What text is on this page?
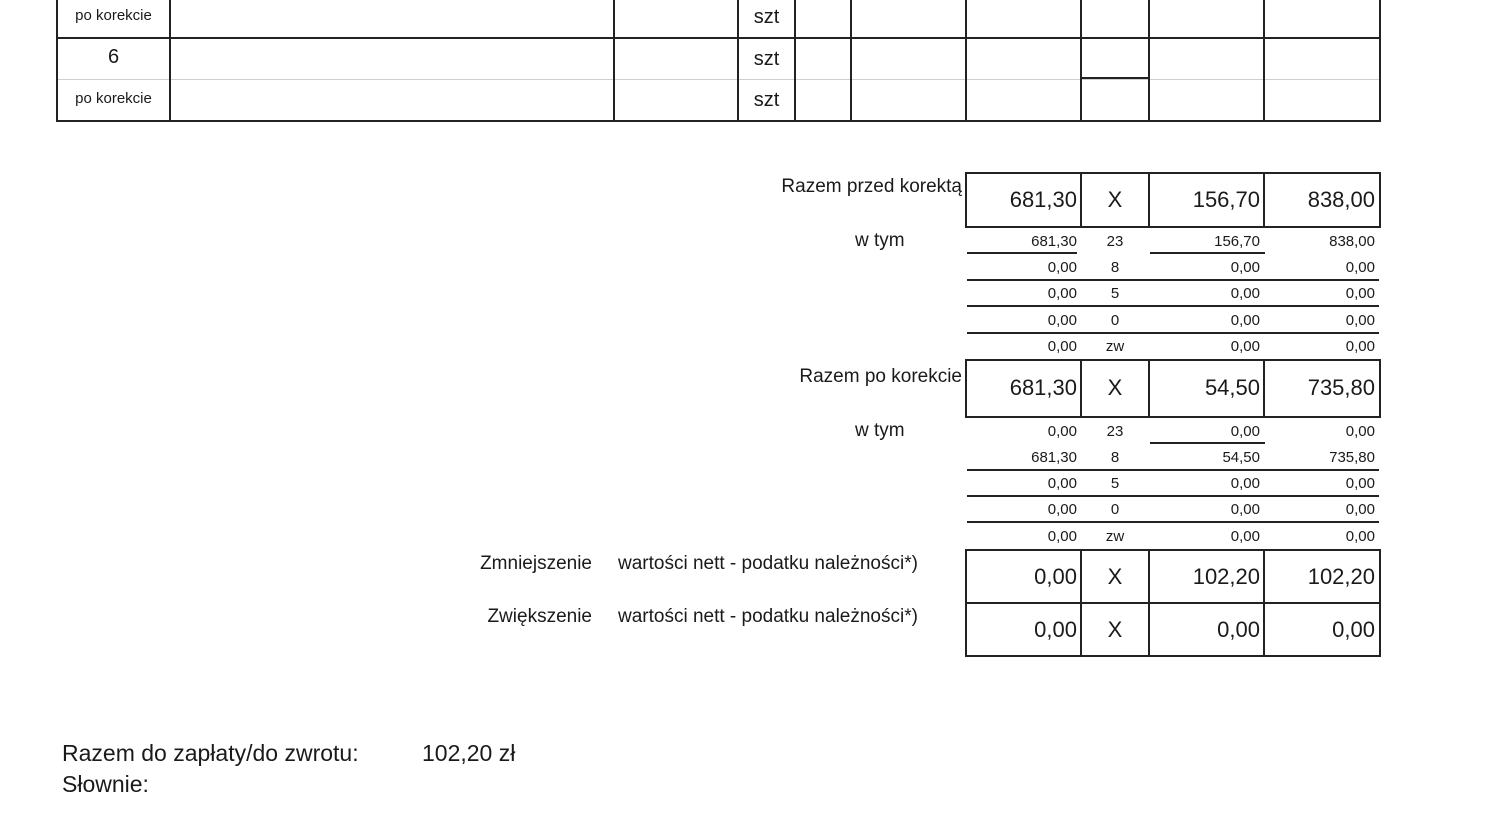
po korekcie	szt
6	szt
po korekcie	szt
Razem przed korektą
681,30	X	156,70	838,00
w tym	681,30	23	156,70	838,00
0,00	8	0,00	0,00
0,00	5	0,00	0,00
0,00	0	0,00	0,00
0,00	zw	0,00	0,00
Razem po korekcie	681,30	X	54,50	735,80
w tym	0,00	23	0,00	0,00
681,30	8	54,50	735,80
0,00	5	0,00	0,00
0,00	0	0,00	0,00
0,00	zw	0,00	0,00
Zmniejszenie wartości nett - podatku należności*)
0,00	X	102,20	102,20
Zwiększenie wartości nett - podatku należności*)
0,00	X	0,00	0,00
Razem do zapłaty/do zwrotu:	102,20 zł
Słownie:
